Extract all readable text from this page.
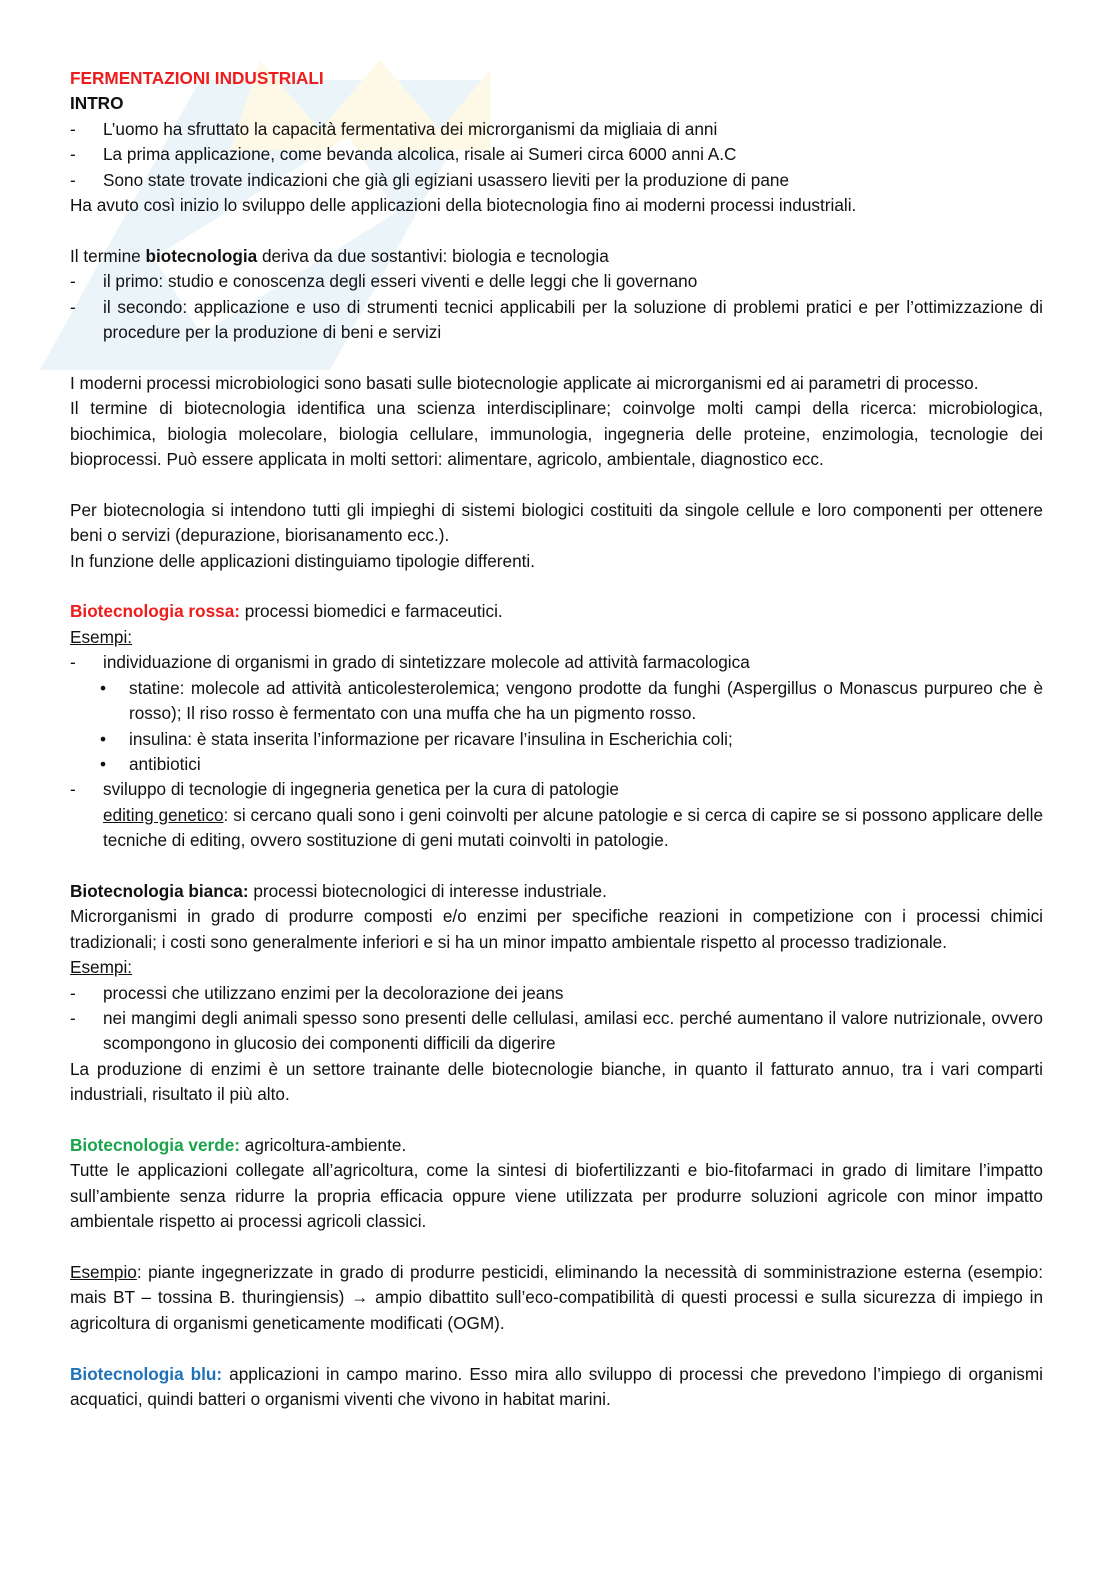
FERMENTAZIONI INDUSTRIALI

INTRO

- L’uomo ha sfruttato la capacità fermentativa dei microrganismi da migliaia di anni

- La prima applicazione, come bevanda alcolica, risale ai Sumeri circa 6000 anni A.C

- Sono state trovate indicazioni che già gli egiziani usassero lieviti per la produzione di pane

Ha avuto così inizio lo sviluppo delle applicazioni della biotecnologia fino ai moderni processi industriali.

Il termine biotecnologia deriva da due sostantivi: biologia e tecnologia

- il primo: studio e conoscenza degli esseri viventi e delle leggi che li governano

- il secondo: applicazione e uso di strumenti tecnici applicabili per la soluzione di problemi pratici e per l’ottimizzazione di procedure per la produzione di beni e servizi

I moderni processi microbiologici sono basati sulle biotecnologie applicate ai microrganismi ed ai parametri di processo.

Il termine di biotecnologia identifica una scienza interdisciplinare; coinvolge molti campi della ricerca: microbiologica, biochimica, biologia molecolare, biologia cellulare, immunologia, ingegneria delle proteine, enzimologia, tecnologie dei bioprocessi. Può essere applicata in molti settori: alimentare, agricolo, ambientale, diagnostico ecc.

Per biotecnologia si intendono tutti gli impieghi di sistemi biologici costituiti da singole cellule e loro componenti per ottenere beni o servizi (depurazione, biorisanamento ecc.).

In funzione delle applicazioni distinguiamo tipologie differenti.

Biotecnologia rossa: processi biomedici e farmaceutici.

Esempi:

- individuazione di organismi in grado di sintetizzare molecole ad attività farmacologica

• statine: molecole ad attività anticolesterolemica; vengono prodotte da funghi (Aspergillus o Monascus purpureo che è rosso); Il riso rosso è fermentato con una muffa che ha un pigmento rosso.

• insulina: è stata inserita l’informazione per ricavare l’insulina in Escherichia coli;

• antibiotici

- sviluppo di tecnologie di ingegneria genetica per la cura di patologie

editing genetico: si cercano quali sono i geni coinvolti per alcune patologie e si cerca di capire se si possono applicare delle tecniche di editing, ovvero sostituzione di geni mutati coinvolti in patologie.

Biotecnologia bianca: processi biotecnologici di interesse industriale.

Microrganismi in grado di produrre composti e/o enzimi per specifiche reazioni in competizione con i processi chimici tradizionali; i costi sono generalmente inferiori e si ha un minor impatto ambientale rispetto al processo tradizionale.

Esempi:

- processi che utilizzano enzimi per la decolorazione dei jeans

- nei mangimi degli animali spesso sono presenti delle cellulasi, amilasi ecc. perché aumentano il valore nutrizionale, ovvero scompongono in glucosio dei componenti difficili da digerire

La produzione di enzimi è un settore trainante delle biotecnologie bianche, in quanto il fatturato annuo, tra i vari comparti industriali, risultato il più alto.

Biotecnologia verde: agricoltura-ambiente.

Tutte le applicazioni collegate all’agricoltura, come la sintesi di biofertilizzanti e bio-fitofarmaci in grado di limitare l’impatto sull’ambiente senza ridurre la propria efficacia oppure viene utilizzata per produrre soluzioni agricole con minor impatto ambientale rispetto ai processi agricoli classici.

Esempio: piante ingegnerizzate in grado di produrre pesticidi, eliminando la necessità di somministrazione esterna (esempio: mais BT – tossina B. thuringiensis) → ampio dibattito sull’eco-compatibilità di questi processi e sulla sicurezza di impiego in agricoltura di organismi geneticamente modificati (OGM).

Biotecnologia blu: applicazioni in campo marino. Esso mira allo sviluppo di processi che prevedono l’impiego di organismi acquatici, quindi batteri o organismi viventi che vivono in habitat marini.
